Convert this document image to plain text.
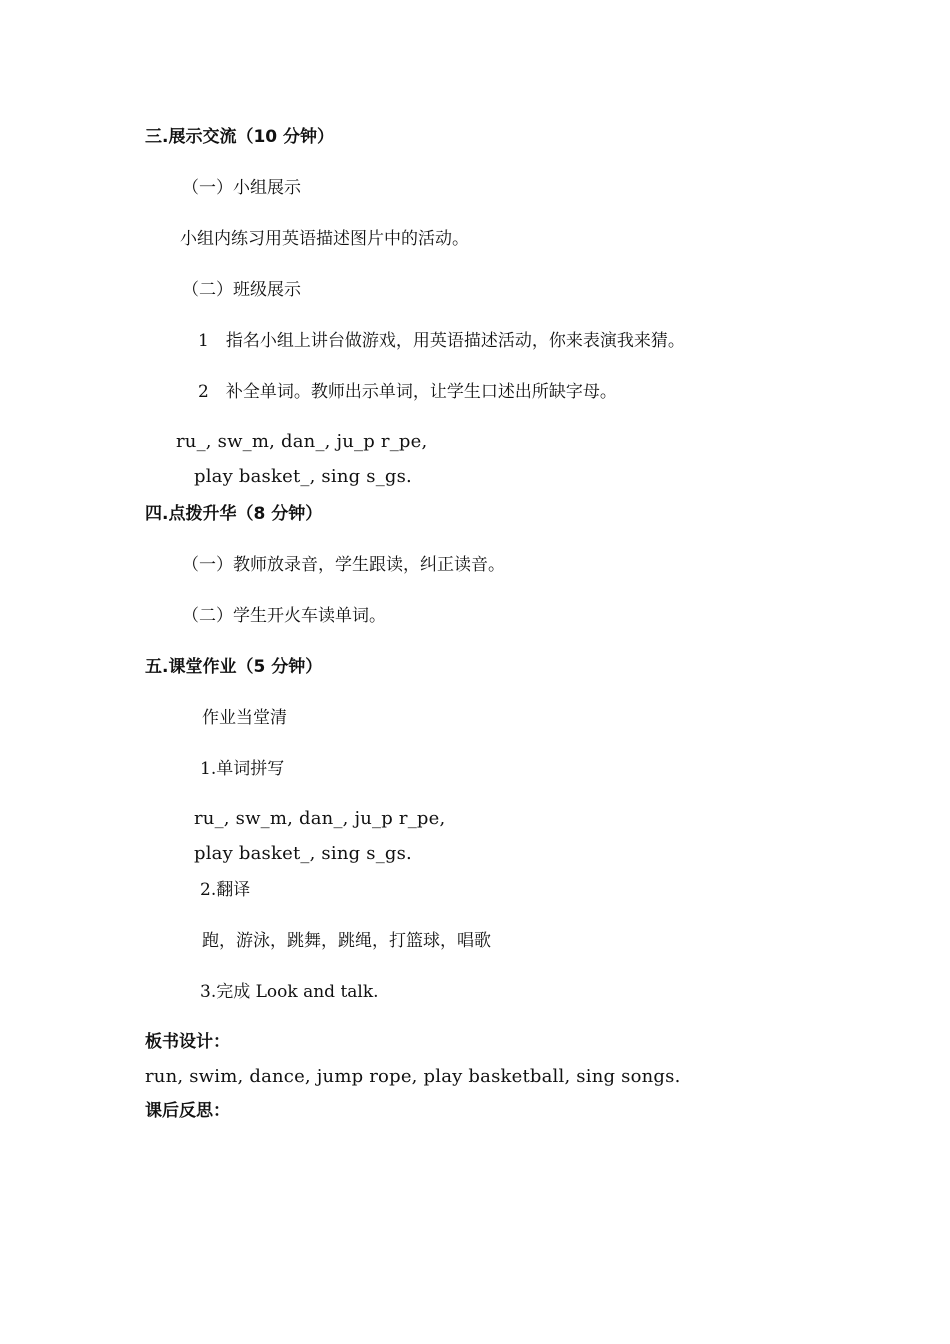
三.展示交流（10 分钟）
（一）小组展示
小组内练习用英语描述图片中的活动。
（二）班级展示
1　指名小组上讲台做游戏，用英语描述活动，你来表演我来猜。
2　补全单词。教师出示单词，让学生口述出所缺字母。
ru_, sw_m, dan_, ju_p r_pe,
play basket_, sing s_gs.
四.点拨升华（8 分钟）
（一）教师放录音，学生跟读，纠正读音。
（二）学生开火车读单词。
五.课堂作业（5 分钟）
作业当堂清
1.单词拼写
ru_, sw_m, dan_, ju_p r_pe,
play basket_, sing s_gs.
2.翻译
跑，游泳，跳舞，跳绳，打篮球，唱歌
3.完成 Look and talk.
板书设计：
run, swim, dance, jump rope, play basketball, sing songs.
课后反思：
